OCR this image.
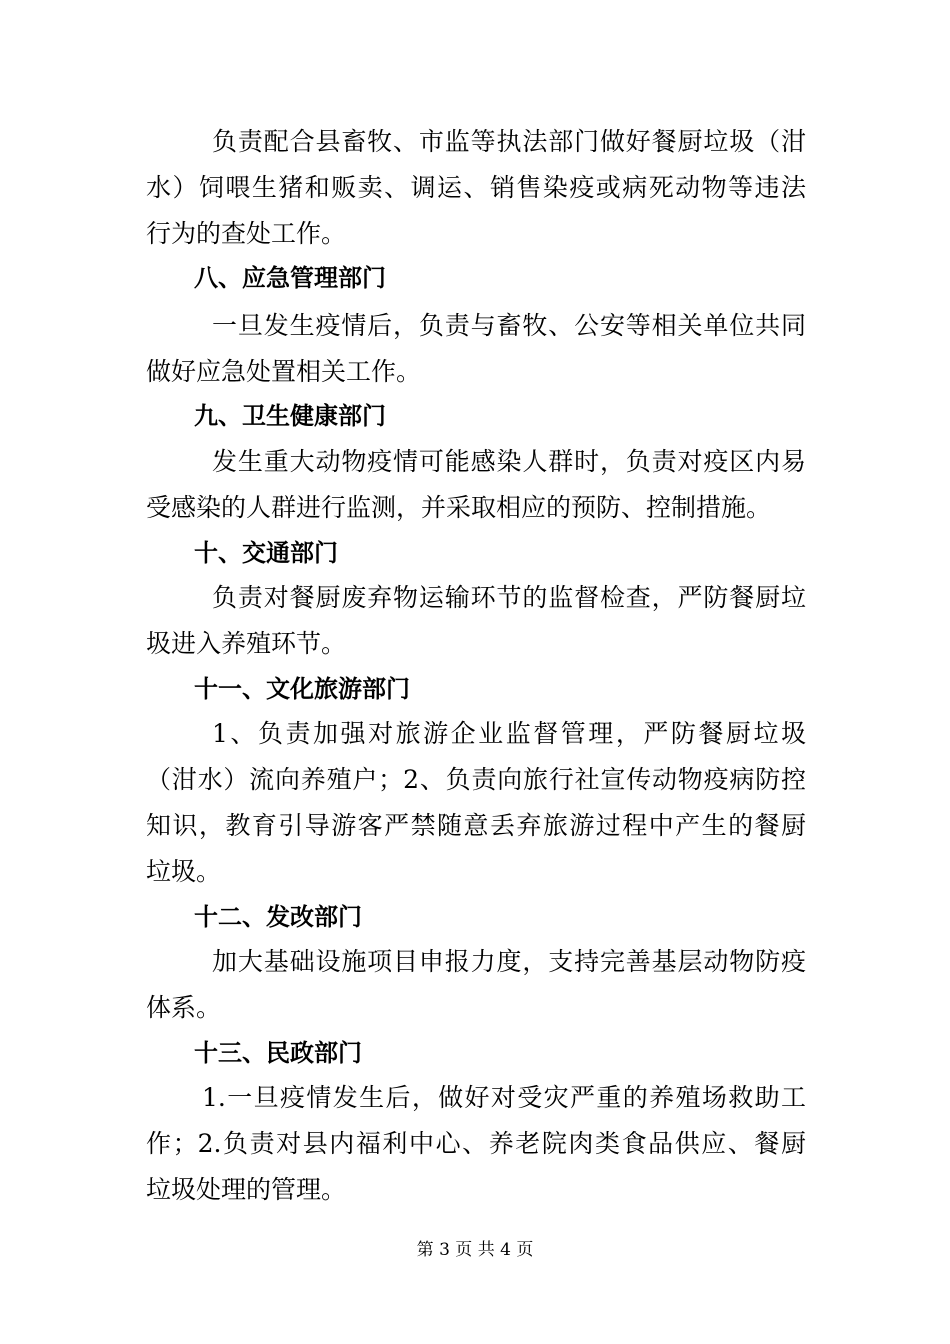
负责配合县畜牧、市监等执法部门做好餐厨垃圾（泔
水）饲喂生猪和贩卖、调运、销售染疫或病死动物等违法
行为的查处工作。
八、应急管理部门
一旦发生疫情后，负责与畜牧、公安等相关单位共同
做好应急处置相关工作。
九、卫生健康部门
发生重大动物疫情可能感染人群时，负责对疫区内易
受感染的人群进行监测，并采取相应的预防、控制措施。
十、交通部门
负责对餐厨废弃物运输环节的监督检查，严防餐厨垃
圾进入养殖环节。
十一、文化旅游部门
1、负责加强对旅游企业监督管理，严防餐厨垃圾
（泔水）流向养殖户；2、负责向旅行社宣传动物疫病防控
知识，教育引导游客严禁随意丢弃旅游过程中产生的餐厨
垃圾。
十二、发改部门
加大基础设施项目申报力度，支持完善基层动物防疫
体系。
十三、民政部门
1.一旦疫情发生后，做好对受灾严重的养殖场救助工
作；2.负责对县内福利中心、养老院肉类食品供应、餐厨
垃圾处理的管理。
第 3 页 共 4 页
